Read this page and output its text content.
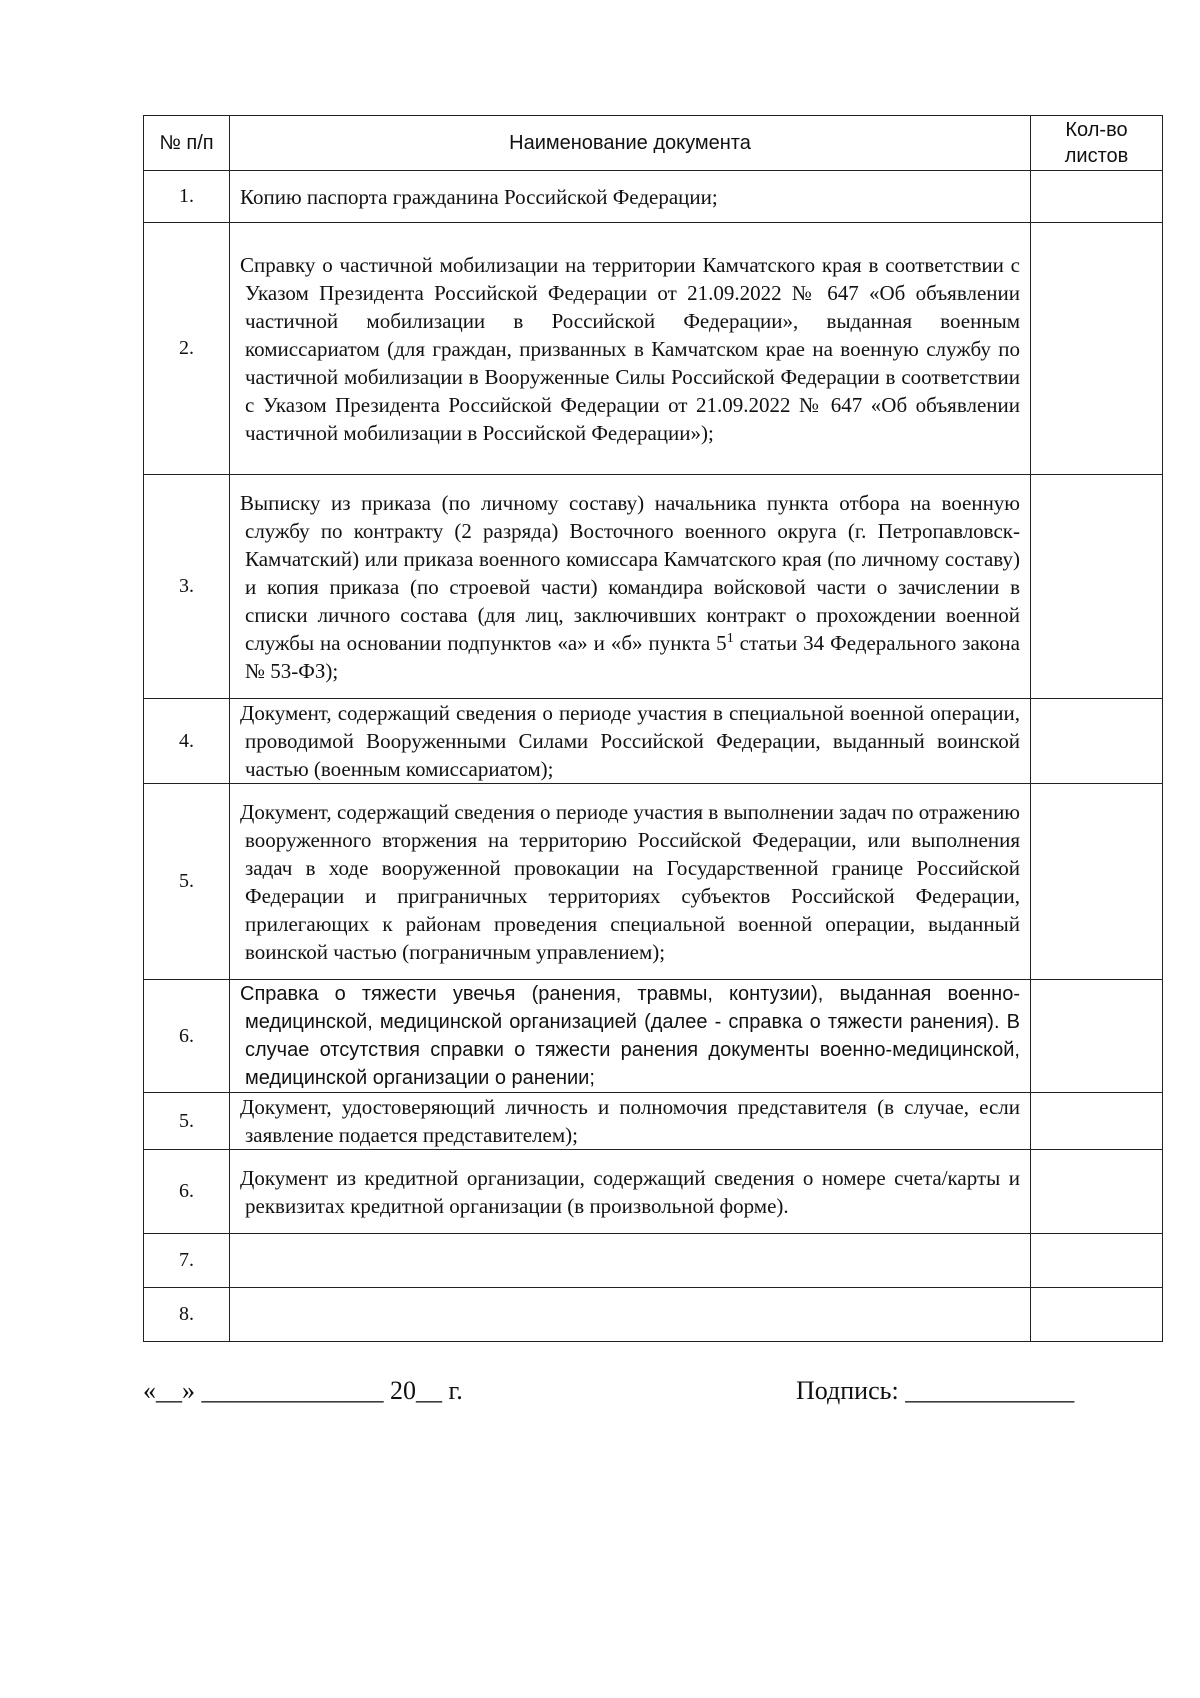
№ п/п	Наименование документа	Кол-во
листов
1.	Копию паспорта гражданина Российской Федерации;	

2.	Справку о частичной мобилизации на территории Камчатского края в соответствии с Указом Президента Российской Федерации от 21.09.2022 № 647 «Об объявлении частичной мобилизации в Российской Федерации», выданная военным комиссариатом (для граждан, призванных в Камчатском крае на военную службу по частичной мобилизации в Вооруженные Силы Российской Федерации в соответствии с Указом Президента Российской Федерации от 21.09.2022 № 647 «Об объявлении частичной мобилизации в Российской Федерации»);	

3.	Выписку из приказа (по личному составу) начальника пункта отбора на военную службу по контракту (2 разряда) Восточного военного округа (г. Петропавловск-Камчатский) или приказа военного комиссара Камчатского края (по личному составу) и копия приказа (по строевой части) командира войсковой части о зачислении в списки личного состава (для лиц, заключивших контракт о прохождении военной службы на основании подпунктов «а» и «б» пункта $5^1$ статьи 34 Федерального закона № 53-ФЗ);	

4.	Документ, содержащий сведения о периоде участия в специальной военной операции, проводимой Вооруженными Силами Российской Федерации, выданный воинской частью (военным комиссариатом);	

5.	Документ, содержащий сведения о периоде участия в выполнении задач по отражению вооруженного вторжения на территорию Российской Федерации, или выполнения задач в ходе вооруженной провокации на Государственной границе Российской Федерации и приграничных территориях субъектов Российской Федерации, прилегающих к районам проведения специальной военной операции, выданный воинской частью (пограничным управлением);	

6.	Справка о тяжести увечья (ранения, травмы, контузии), выданная военно-медицинской, медицинской организацией (далее - справка о тяжести ранения). В случае отсутствия справки о тяжести ранения документы военно-медицинской, медицинской организации о ранении;	

5.	Документ, удостоверяющий личность и полномочия представителя (в случае, если заявление подается представителем);	

6.	Документ из кредитной организации, содержащий сведения о номере счета/карты и реквизитах кредитной организации (в произвольной форме).	

7.		
8.		
«__» ______________ 20__ г.	Подпись: _____________
